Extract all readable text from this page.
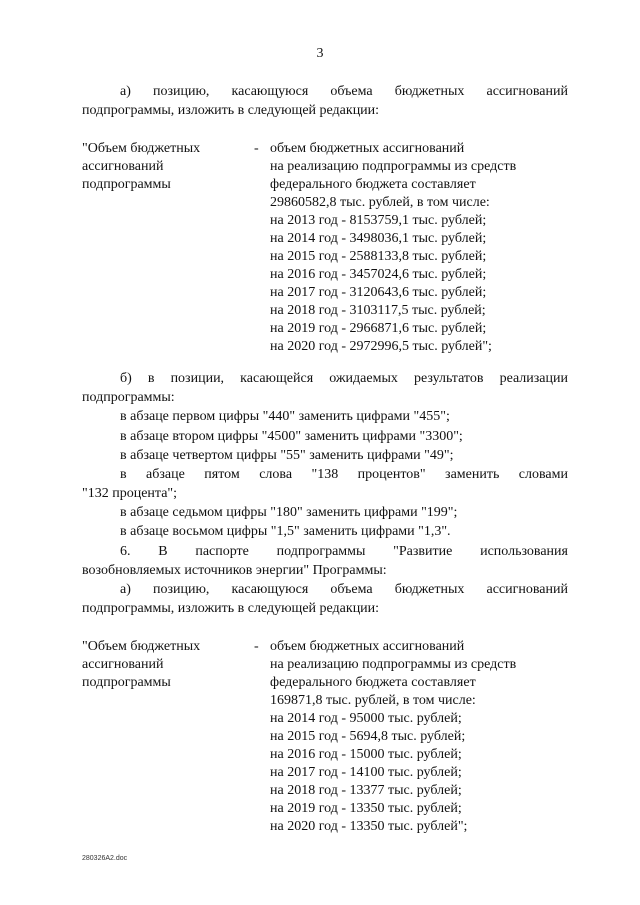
3
а) позицию, касающуюся объема бюджетных ассигнований
подпрограммы, изложить в следующей редакции:
"Объем бюджетных
ассигнований
подпрограммы
- объем бюджетных ассигнований
на реализацию подпрограммы из средств
федерального бюджета составляет
29860582,8 тыс. рублей, в том числе:
на 2013 год - 8153759,1 тыс. рублей;
на 2014 год - 3498036,1 тыс. рублей;
на 2015 год - 2588133,8 тыс. рублей;
на 2016 год - 3457024,6 тыс. рублей;
на 2017 год - 3120643,6 тыс. рублей;
на 2018 год - 3103117,5 тыс. рублей;
на 2019 год - 2966871,6 тыс. рублей;
на 2020 год - 2972996,5 тыс. рублей";
б) в позиции, касающейся ожидаемых результатов реализации
подпрограммы:
в абзаце первом цифры "440" заменить цифрами "455";
в абзаце втором цифры "4500" заменить цифрами "3300";
в абзаце четвертом цифры "55" заменить цифрами "49";
в абзаце пятом слова "138 процентов" заменить словами
"132 процента";
в абзаце седьмом цифры "180" заменить цифрами "199";
в абзаце восьмом цифры "1,5" заменить цифрами "1,3".
6. В паспорте подпрограммы "Развитие использования
возобновляемых источников энергии" Программы:
а) позицию, касающуюся объема бюджетных ассигнований
подпрограммы, изложить в следующей редакции:
"Объем бюджетных
ассигнований
подпрограммы
- объем бюджетных ассигнований
на реализацию подпрограммы из средств
федерального бюджета составляет
169871,8 тыс. рублей, в том числе:
на 2014 год - 95000 тыс. рублей;
на 2015 год - 5694,8 тыс. рублей;
на 2016 год - 15000 тыс. рублей;
на 2017 год - 14100 тыс. рублей;
на 2018 год - 13377 тыс. рублей;
на 2019 год - 13350 тыс. рублей;
на 2020 год - 13350 тыс. рублей";
280326A2.doc
